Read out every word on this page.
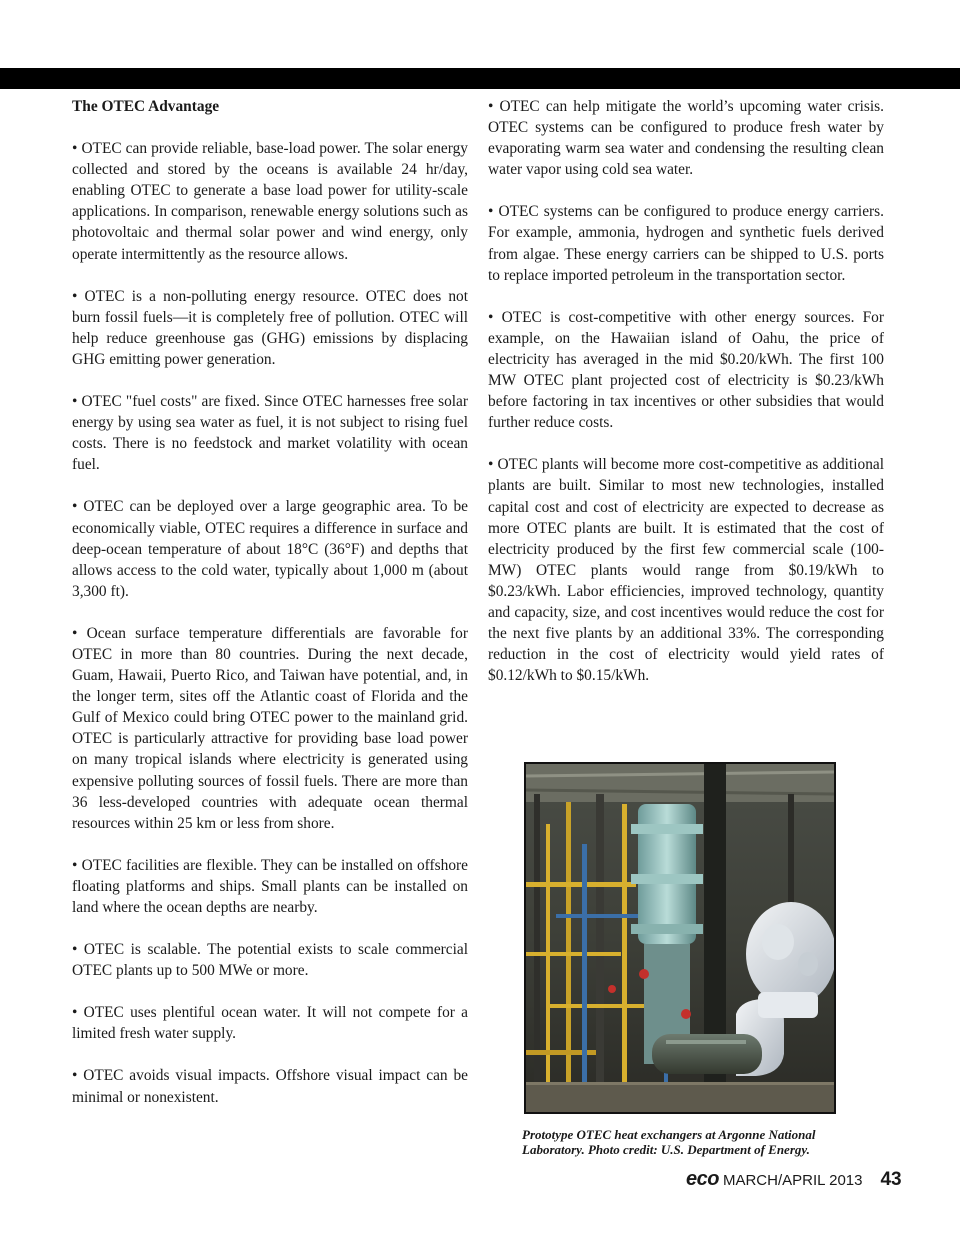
The OTEC Advantage

• OTEC can provide reliable, base-load power. The solar energy collected and stored by the oceans is available 24 hr/day, enabling OTEC to generate a base load power for utility-scale applications. In comparison, renewable energy solutions such as photovoltaic and thermal solar power and wind energy, only operate intermittently as the resource allows.

• OTEC is a non-polluting energy resource. OTEC does not burn fossil fuels—it is completely free of pollution. OTEC will help reduce greenhouse gas (GHG) emissions by displacing GHG emitting power generation.

• OTEC "fuel costs" are fixed. Since OTEC harnesses free solar energy by using sea water as fuel, it is not subject to rising fuel costs. There is no feedstock and market volatility with ocean fuel.

• OTEC can be deployed over a large geographic area. To be economically viable, OTEC requires a difference in surface and deep-ocean temperature of about 18°C (36°F) and depths that allows access to the cold water, typically about 1,000 m (about 3,300 ft).

• Ocean surface temperature differentials are favorable for OTEC in more than 80 countries. During the next decade, Guam, Hawaii, Puerto Rico, and Taiwan have potential, and, in the longer term, sites off the Atlantic coast of Florida and the Gulf of Mexico could bring OTEC power to the mainland grid. OTEC is particularly attractive for providing base load power on many tropical islands where electricity is generated using expensive polluting sources of fossil fuels. There are more than 36 less-developed countries with adequate ocean thermal resources within 25 km or less from shore.

• OTEC facilities are flexible. They can be installed on offshore floating platforms and ships. Small plants can be installed on land where the ocean depths are nearby.

• OTEC is scalable. The potential exists to scale commercial OTEC plants up to 500 MWe or more.

• OTEC uses plentiful ocean water. It will not compete for a limited fresh water supply.

• OTEC avoids visual impacts. Offshore visual impact can be minimal or nonexistent.

• OTEC can help mitigate the world’s upcoming water crisis. OTEC systems can be configured to produce fresh water by evaporating warm sea water and condensing the resulting clean water vapor using cold sea water.

• OTEC systems can be configured to produce energy carriers. For example, ammonia, hydrogen and synthetic fuels derived from algae. These energy carriers can be shipped to U.S. ports to replace imported petroleum in the transportation sector.

• OTEC is cost-competitive with other energy sources. For example, on the Hawaiian island of Oahu, the price of electricity has averaged in the mid $0.20/kWh. The first 100 MW OTEC plant projected cost of electricity is $0.23/kWh before factoring in tax incentives or other subsidies that would further reduce costs.

• OTEC plants will become more cost-competitive as additional plants are built. Similar to most new technologies, installed capital cost and cost of electricity are expected to decrease as more OTEC plants are built. It is estimated that the cost of electricity produced by the first few commercial scale (100-MW) OTEC plants would range from $0.19/kWh to $0.23/kWh. Labor efficiencies, improved technology, quantity and capacity, size, and cost incentives would reduce the cost for the next five plants by an additional 33%. The corresponding reduction in the cost of electricity would yield rates of $0.12/kWh to $0.15/kWh.

Prototype OTEC heat exchangers at Argonne National Laboratory. Photo credit: U.S. Department of Energy.
eco MARCH/APRIL 2013 43
